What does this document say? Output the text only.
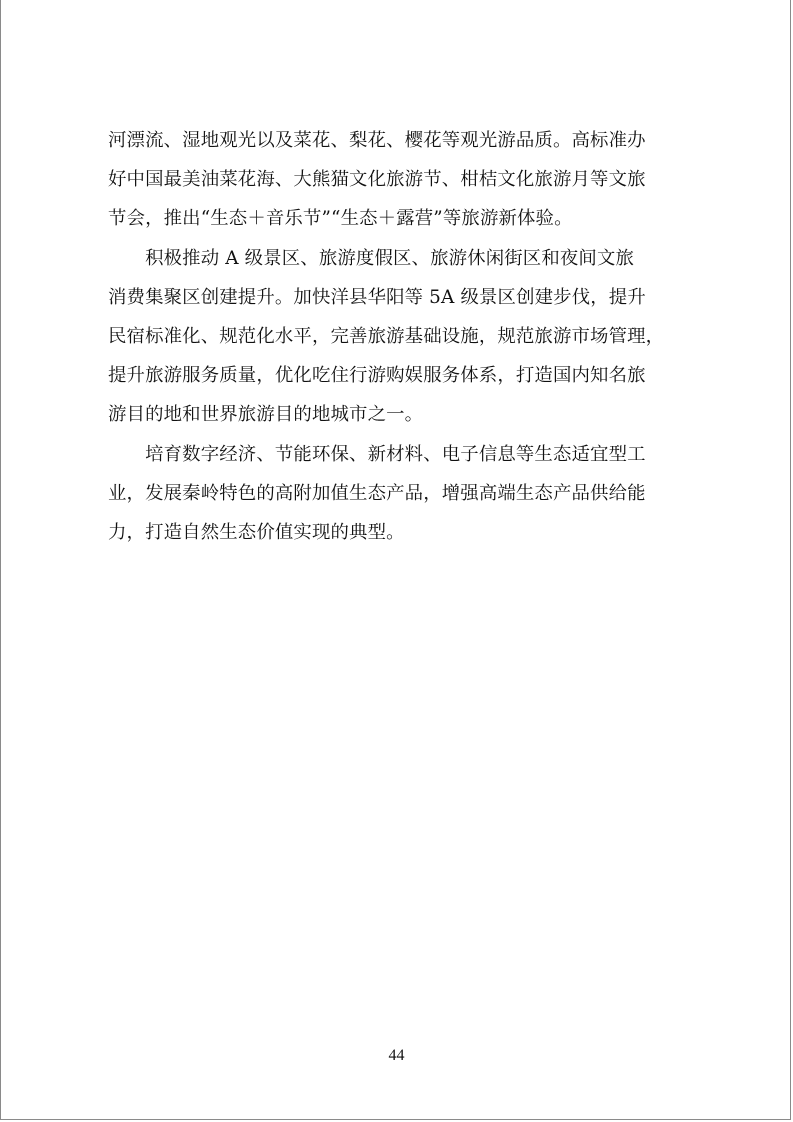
河漂流、湿地观光以及菜花、梨花、樱花等观光游品质。高标准办
好中国最美油菜花海、大熊猫文化旅游节、柑桔文化旅游月等文旅
节会，推出“生态＋音乐节”“生态＋露营”等旅游新体验。
　　积极推动 A 级景区、旅游度假区、旅游休闲街区和夜间文旅
消费集聚区创建提升。加快洋县华阳等 5A 级景区创建步伐，提升
民宿标准化、规范化水平，完善旅游基础设施，规范旅游市场管理，
提升旅游服务质量，优化吃住行游购娱服务体系，打造国内知名旅
游目的地和世界旅游目的地城市之一。
　　培育数字经济、节能环保、新材料、电子信息等生态适宜型工
业，发展秦岭特色的高附加值生态产品，增强高端生态产品供给能
力，打造自然生态价值实现的典型。
44
